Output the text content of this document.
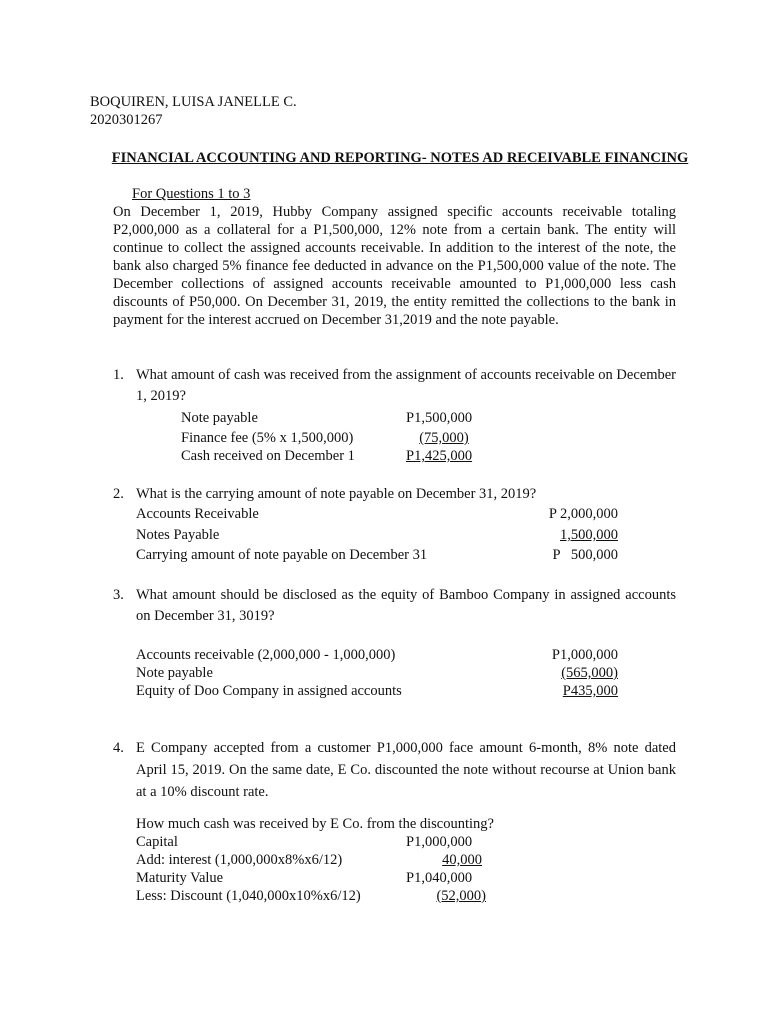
BOQUIREN, LUISA JANELLE C.
2020301267
FINANCIAL ACCOUNTING AND REPORTING- NOTES AD RECEIVABLE FINANCING
For Questions 1 to 3
On December 1, 2019, Hubby Company assigned specific accounts receivable totaling P2,000,000 as a collateral for a P1,500,000, 12% note from a certain bank. The entity will continue to collect the assigned accounts receivable. In addition to the interest of the note, the bank also charged 5% finance fee deducted in advance on the P1,500,000 value of the note. The December collections of assigned accounts receivable amounted to P1,000,000 less cash discounts of P50,000. On December 31, 2019, the entity remitted the collections to the bank in payment for the interest accrued on December 31,2019 and the note payable.
1. What amount of cash was received from the assignment of accounts receivable on December 1, 2019?
Note payable	P1,500,000
Finance fee (5% x 1,500,000)	(75,000)
Cash received on December 1	P1,425,000
2. What is the carrying amount of note payable on December 31, 2019?
Accounts Receivable	P 2,000,000
Notes Payable	1,500,000
Carrying amount of note payable on December 31	P   500,000
3. What amount should be disclosed as the equity of Bamboo Company in assigned accounts on December 31, 3019?
Accounts receivable (2,000,000 - 1,000,000)	P1,000,000
Note payable	(565,000)
Equity of Doo Company in assigned accounts	P435,000
4. E Company accepted from a customer P1,000,000 face amount 6-month, 8% note dated April 15, 2019. On the same date, E Co. discounted the note without recourse at Union bank at a 10% discount rate.
How much cash was received by E Co. from the discounting?
Capital	P1,000,000
Add: interest (1,000,000x8%x6/12)	40,000
Maturity Value	P1,040,000
Less: Discount (1,040,000x10%x6/12)	(52,000)
